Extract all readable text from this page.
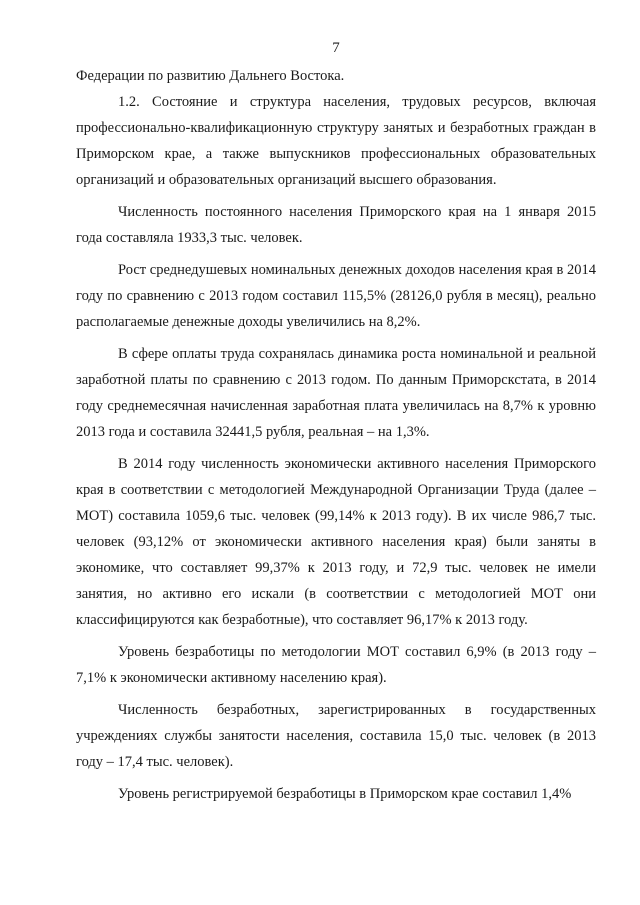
7

Федерации по развитию Дальнего Востока.

1.2. Состояние и структура населения, трудовых ресурсов, включая профессионально-квалификационную структуру занятых и безработных граждан в Приморском крае, а также выпускников профессиональных образовательных организаций и образовательных организаций высшего образования.

Численность постоянного населения Приморского края на 1 января 2015 года составляла 1933,3 тыс. человек.

Рост среднедушевых номинальных денежных доходов населения края в 2014 году по сравнению с 2013 годом составил 115,5% (28126,0 рубля в месяц), реально располагаемые денежные доходы увеличились на 8,2%.

В сфере оплаты труда сохранялась динамика роста номинальной и реальной заработной платы по сравнению с 2013 годом. По данным Приморскстата, в 2014 году среднемесячная начисленная заработная плата увеличилась на 8,7% к уровню 2013 года и составила 32441,5 рубля, реальная – на 1,3%.

В 2014 году численность экономически активного населения Приморского края в соответствии с методологией Международной Организации Труда (далее – МОТ) составила 1059,6 тыс. человек (99,14% к 2013 году). В их числе 986,7 тыс. человек (93,12% от экономически активного населения края) были заняты в экономике, что составляет 99,37% к 2013 году, и 72,9 тыс. человек не имели занятия, но активно его искали (в соответствии с методологией МОТ они классифицируются как безработные), что составляет 96,17% к 2013 году.

Уровень безработицы по методологии МОТ составил 6,9% (в 2013 году – 7,1% к экономически активному населению края).

Численность безработных, зарегистрированных в государственных учреждениях службы занятости населения, составила 15,0 тыс. человек (в 2013 году – 17,4 тыс. человек).

Уровень регистрируемой безработицы в Приморском крае составил 1,4%
